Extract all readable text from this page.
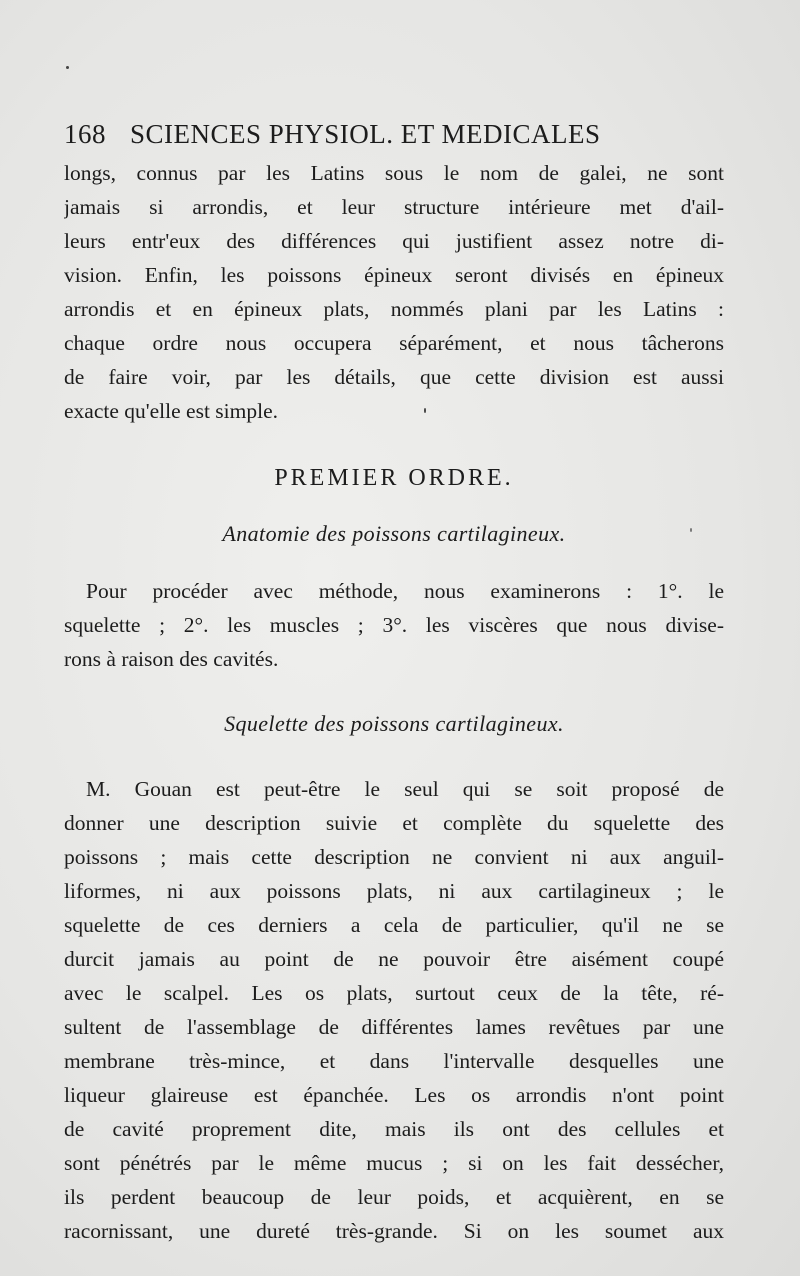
168 SCIENCES PHYSIOL. ET MEDICALES
longs, connus par les Latins sous le nom de galei, ne sont
jamais si arrondis, et leur structure intérieure met d'ail-
leurs entr'eux des différences qui justifient assez notre di-
vision. Enfin, les poissons épineux seront divisés en épineux
arrondis et en épineux plats, nommés plani par les Latins :
chaque ordre nous occupera séparément, et nous tâcherons
de faire voir, par les détails, que cette division est aussi
exacte qu'elle est simple.
PREMIER ORDRE.
Anatomie des poissons cartilagineux.
Pour procéder avec méthode, nous examinerons : 1°. le
squelette ; 2°. les muscles ; 3°. les viscères que nous divise-
rons à raison des cavités.
Squelette des poissons cartilagineux.
M. Gouan est peut-être le seul qui se soit proposé de
donner une description suivie et complète du squelette des
poissons ; mais cette description ne convient ni aux anguil-
liformes, ni aux poissons plats, ni aux cartilagineux ; le
squelette de ces derniers a cela de particulier, qu'il ne se
durcit jamais au point de ne pouvoir être aisément coupé
avec le scalpel. Les os plats, surtout ceux de la tête, ré-
sultent de l'assemblage de différentes lames revêtues par une
membrane très-mince, et dans l'intervalle desquelles une
liqueur glaireuse est épanchée. Les os arrondis n'ont point
de cavité proprement dite, mais ils ont des cellules et
sont pénétrés par le même mucus ; si on les fait dessécher,
ils perdent beaucoup de leur poids, et acquièrent, en se
racornissant, une dureté très-grande. Si on les soumet aux
